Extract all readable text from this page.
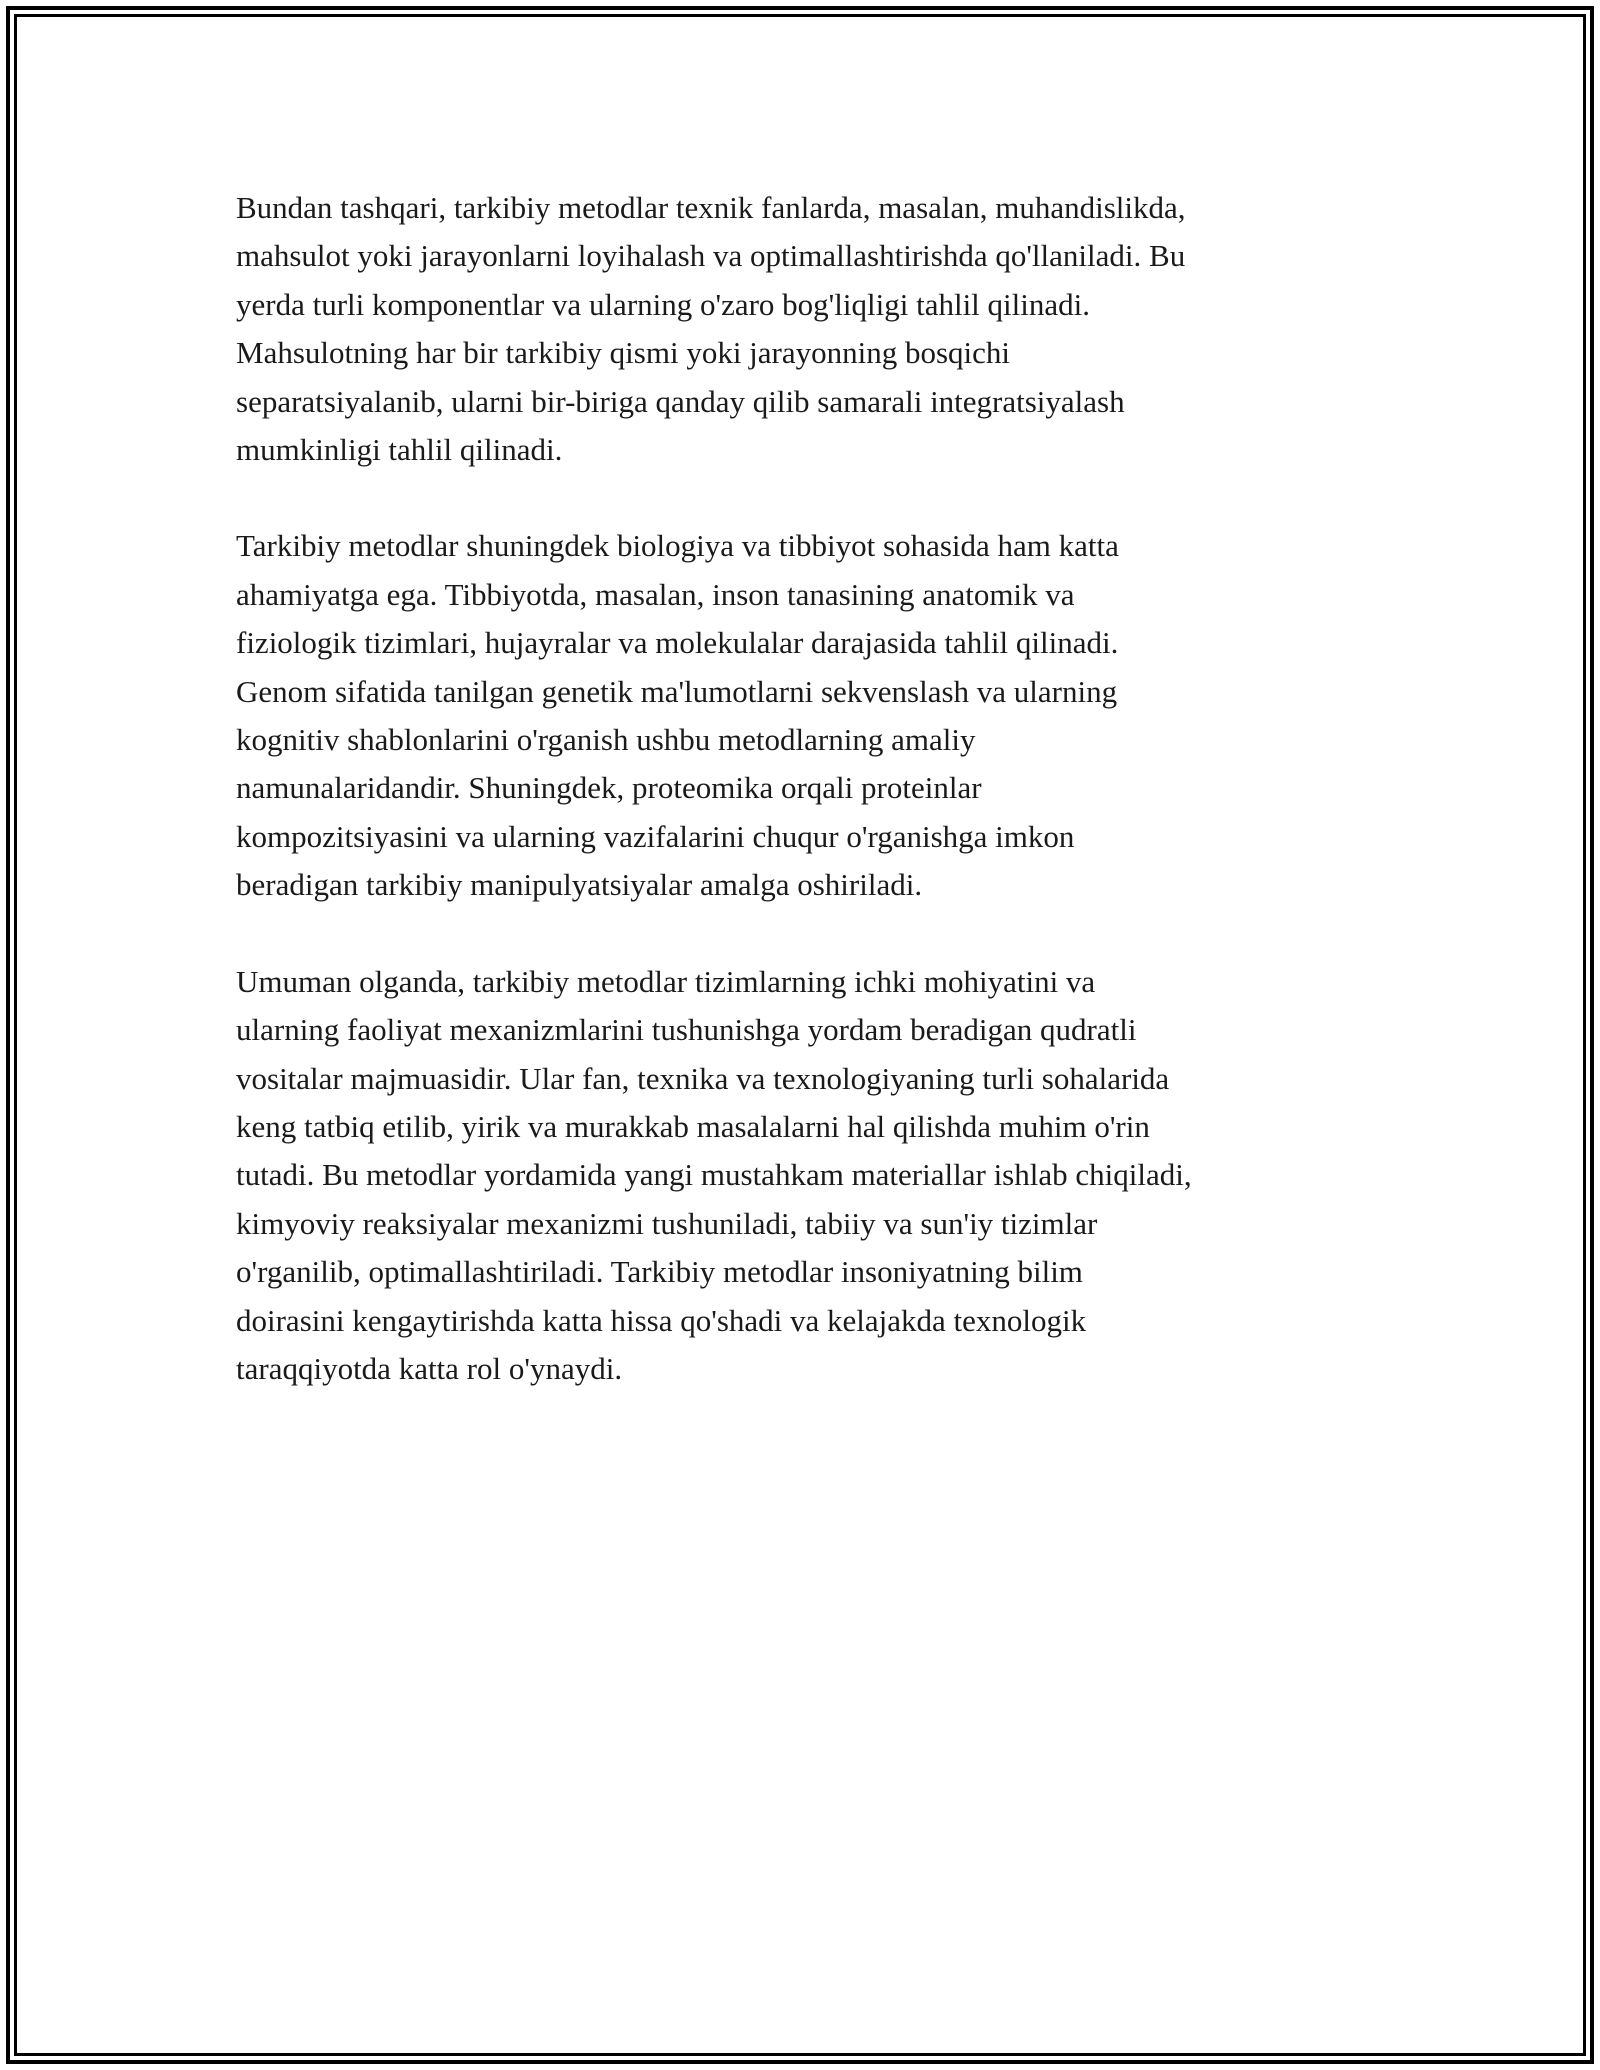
Bundan tashqari, tarkibiy metodlar texnik fanlarda, masalan, muhandislikda,
mahsulot yoki jarayonlarni loyihalash va optimallashtirishda qo'llaniladi. Bu
yerda turli komponentlar va ularning o'zaro bog'liqligi tahlil qilinadi.
Mahsulotning har bir tarkibiy qismi yoki jarayonning bosqichi
separatsiyalanib, ularni bir-biriga qanday qilib samarali integratsiyalash
mumkinligi tahlil qilinadi.

Tarkibiy metodlar shuningdek biologiya va tibbiyot sohasida ham katta
ahamiyatga ega. Tibbiyotda, masalan, inson tanasining anatomik va
fiziologik tizimlari, hujayralar va molekulalar darajasida tahlil qilinadi.
Genom sifatida tanilgan genetik ma'lumotlarni sekvenslash va ularning
kognitiv shablonlarini o'rganish ushbu metodlarning amaliy
namunalaridandir. Shuningdek, proteomika orqali proteinlar
kompozitsiyasini va ularning vazifalarini chuqur o'rganishga imkon
beradigan tarkibiy manipulyatsiyalar amalga oshiriladi.

Umuman olganda, tarkibiy metodlar tizimlarning ichki mohiyatini va
ularning faoliyat mexanizmlarini tushunishga yordam beradigan qudratli
vositalar majmuasidir. Ular fan, texnika va texnologiyaning turli sohalarida
keng tatbiq etilib, yirik va murakkab masalalarni hal qilishda muhim o'rin
tutadi. Bu metodlar yordamida yangi mustahkam materiallar ishlab chiqiladi,
kimyoviy reaksiyalar mexanizmi tushuniladi, tabiiy va sun'iy tizimlar
o'rganilib, optimallashtiriladi. Tarkibiy metodlar insoniyatning bilim
doirasini kengaytirishda katta hissa qo'shadi va kelajakda texnologik
taraqqiyotda katta rol o'ynaydi.
